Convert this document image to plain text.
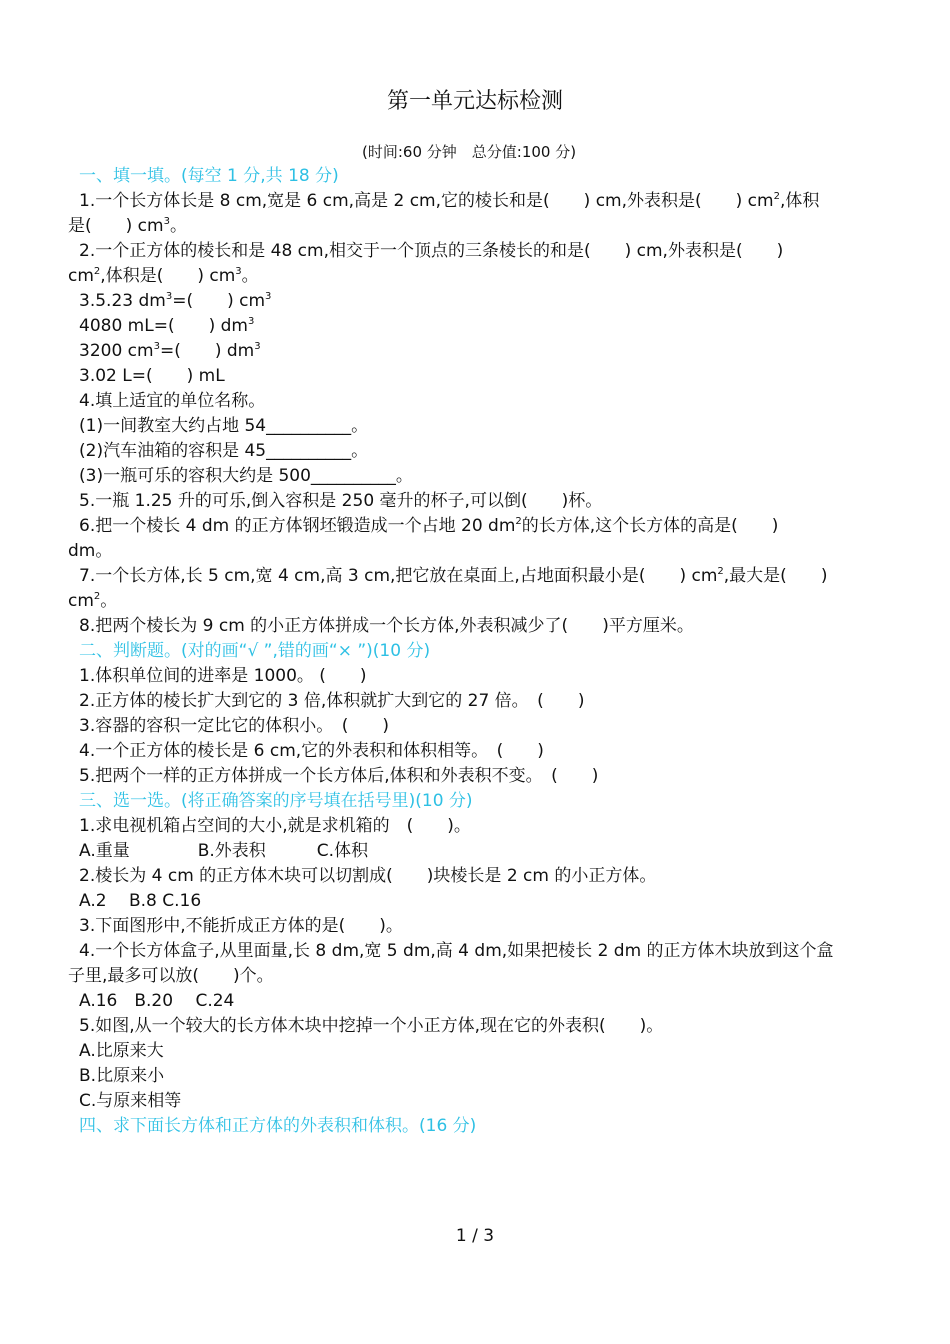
第一单元达标检测
(时间:60 分钟　总分值:100 分)
一、填一填。(每空 1 分,共 18 分)
1.一个长方体长是 8 cm,宽是 6 cm,高是 2 cm,它的棱长和是(　　) cm,外表积是(　　) $cm^2$,体积
是(　　) $cm^3$。
2.一个正方体的棱长和是 48 cm,相交于一个顶点的三条棱长的和是(　　) cm,外表积是(　　)
$cm^2$,体积是(　　) $cm^3$。
3.5.23 $dm^3=$(　　) $cm^3$
4080 mL=(　　) $dm^3$
3200 $cm^3=$(　　) $dm^3$
3.02 L=(　　) mL
4.填上适宜的单位名称。
(1)一间教室大约占地 54__________。
(2)汽车油箱的容积是 45__________。
(3)一瓶可乐的容积大约是 500__________。
5.一瓶 1.25 升的可乐,倒入容积是 250 毫升的杯子,可以倒(　　)杯。
6.把一个棱长 4 dm 的正方体钢坯锻造成一个占地 20 $dm^2$的长方体,这个长方体的高是(　　)
dm。
7.一个长方体,长 5 cm,宽 4 cm,高 3 cm,把它放在桌面上,占地面积最小是(　　) $cm^2$,最大是(　　)
$cm^2$。
8.把两个棱长为 9 cm 的小正方体拼成一个长方体,外表积减少了(　　)平方厘米。
二、判断题。(对的画“√ ”,错的画“× ”)(10 分)
1.体积单位间的进率是 1000。 (　　)
2.正方体的棱长扩大到它的 3 倍,体积就扩大到它的 27 倍。　(　　)
3.容器的容积一定比它的体积小。　(　　)
4.一个正方体的棱长是 6 cm,它的外表积和体积相等。　(　　)
5.把两个一样的正方体拼成一个长方体后,体积和外表积不变。　(　　)
三、选一选。(将正确答案的序号填在括号里)(10 分)
1.求电视机箱占空间的大小,就是求机箱的　(　　)。
A.重量　　　　B.外表积　　　C.体积
2.棱长为 4 cm 的正方体木块可以切割成(　　)块棱长是 2 cm 的小正方体。
A.2　 B.8 C.16
3.下面图形中,不能折成正方体的是(　　)。
4.一个长方体盒子,从里面量,长 8 dm,宽 5 dm,高 4 dm,如果把棱长 2 dm 的正方体木块放到这个盒
子里,最多可以放(　　)个。
A.16　B.20　 C.24
5.如图,从一个较大的长方体木块中挖掉一个小正方体,现在它的外表积(　　)。
A.比原来大
B.比原来小
C.与原来相等
四、求下面长方体和正方体的外表积和体积。(16 分)
1 / 3
